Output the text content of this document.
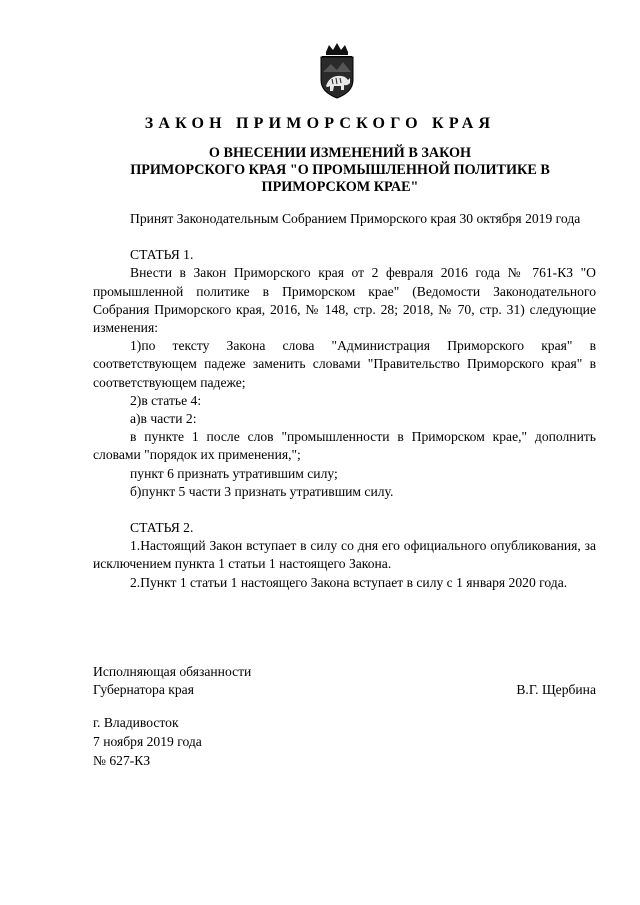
ЗАКОН ПРИМОРСКОГО КРАЯ
О ВНЕСЕНИИ ИЗМЕНЕНИЙ В ЗАКОН
ПРИМОРСКОГО КРАЯ "О ПРОМЫШЛЕННОЙ ПОЛИТИКЕ В
ПРИМОРСКОМ КРАЕ"

Принят Законодательным Собранием Приморского края 30 октября 2019 года

СТАТЬЯ 1.

Внести в Закон Приморского края от 2 февраля 2016 года № 761-КЗ "О промышленной политике в Приморском крае" (Ведомости Законодательного Собрания Приморского края, 2016, № 148, стр. 28; 2018, № 70, стр. 31) следующие изменения:

1)по тексту Закона слова "Администрация Приморского края" в соответствующем падеже заменить словами "Правительство Приморского края" в соответствующем падеже;

2)в статье 4:

а)в части 2:

в пункте 1 после слов "промышленности в Приморском крае," дополнить словами "порядок их применения,";

пункт 6 признать утратившим силу;

б)пункт 5 части 3 признать утратившим силу.

СТАТЬЯ 2.

1.Настоящий Закон вступает в силу со дня его официального опубликования, за исключением пункта 1 статьи 1 настоящего Закона.

2.Пункт 1 статьи 1 настоящего Закона вступает в силу с 1 января 2020 года.

Исполняющая обязанности
Губернатора края	В.Г. Щербина
г. Владивосток
7 ноября 2019 года
№ 627-КЗ
